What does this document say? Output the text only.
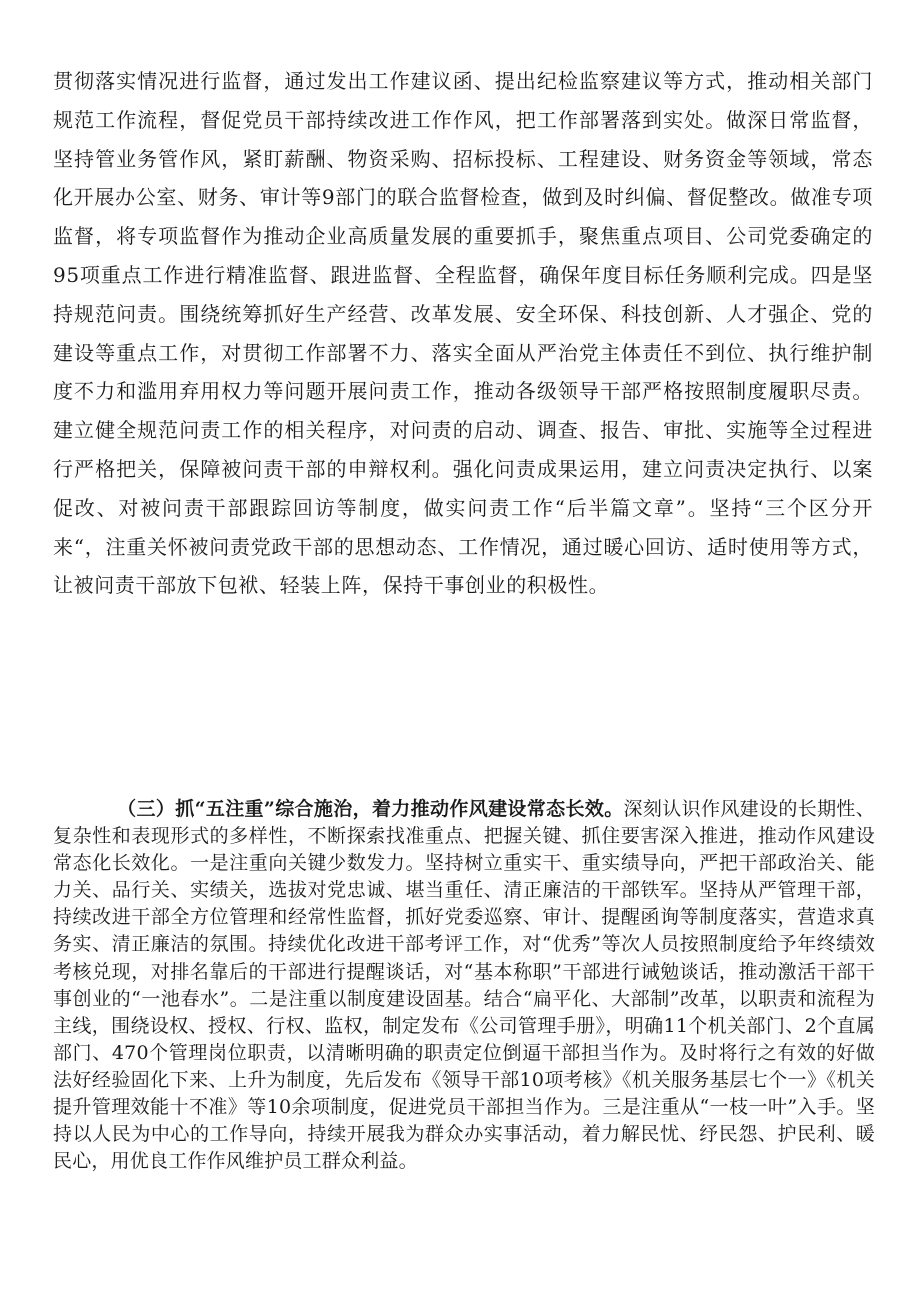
贯彻落实情况进行监督，通过发出工作建议函、提出纪检监察建议等方式，推动相关部门规范工作流程，督促党员干部持续改进工作作风，把工作部署落到实处。做深日常监督，坚持管业务管作风，紧盯薪酬、物资采购、招标投标、工程建设、财务资金等领域，常态化开展办公室、财务、审计等9部门的联合监督检查，做到及时纠偏、督促整改。做准专项监督，将专项监督作为推动企业高质量发展的重要抓手，聚焦重点项目、公司党委确定的95项重点工作进行精准监督、跟进监督、全程监督，确保年度目标任务顺利完成。四是坚持规范问责。围绕统筹抓好生产经营、改革发展、安全环保、科技创新、人才强企、党的建设等重点工作，对贯彻工作部署不力、落实全面从严治党主体责任不到位、执行维护制度不力和滥用弃用权力等问题开展问责工作，推动各级领导干部严格按照制度履职尽责。建立健全规范问责工作的相关程序，对问责的启动、调查、报告、审批、实施等全过程进行严格把关，保障被问责干部的申辩权利。强化问责成果运用，建立问责决定执行、以案促改、对被问责干部跟踪回访等制度，做实问责工作“后半篇文章”。坚持“三个区分开来“，注重关怀被问责党政干部的思想动态、工作情况，通过暖心回访、适时使用等方式，让被问责干部放下包袱、轻装上阵，保持干事创业的积极性。

（三）抓“五注重”综合施治，着力推动作风建设常态长效。深刻认识作风建设的长期性、复杂性和表现形式的多样性，不断探索找准重点、把握关键、抓住要害深入推进，推动作风建设常态化长效化。一是注重向关键少数发力。坚持树立重实干、重实绩导向，严把干部政治关、能力关、品行关、实绩关，选拔对党忠诚、堪当重任、清正廉洁的干部铁军。坚持从严管理干部，持续改进干部全方位管理和经常性监督，抓好党委巡察、审计、提醒函询等制度落实，营造求真务实、清正廉洁的氛围。持续优化改进干部考评工作，对“优秀”等次人员按照制度给予年终绩效考核兑现，对排名靠后的干部进行提醒谈话，对“基本称职”干部进行诫勉谈话，推动激活干部干事创业的“一池春水”。二是注重以制度建设固基。结合“扁平化、大部制”改革，以职责和流程为主线，围绕设权、授权、行权、监权，制定发布《公司管理手册》，明确11个机关部门、2个直属部门、470个管理岗位职责，以清晰明确的职责定位倒逼干部担当作为。及时将行之有效的好做法好经验固化下来、上升为制度，先后发布《领导干部10项考核》《机关服务基层七个一》《机关提升管理效能十不准》等10余项制度，促进党员干部担当作为。三是注重从“一枝一叶”入手。坚持以人民为中心的工作导向，持续开展我为群众办实事活动，着力解民忧、纾民怨、护民利、暖民心，用优良工作作风维护员工群众利益。
